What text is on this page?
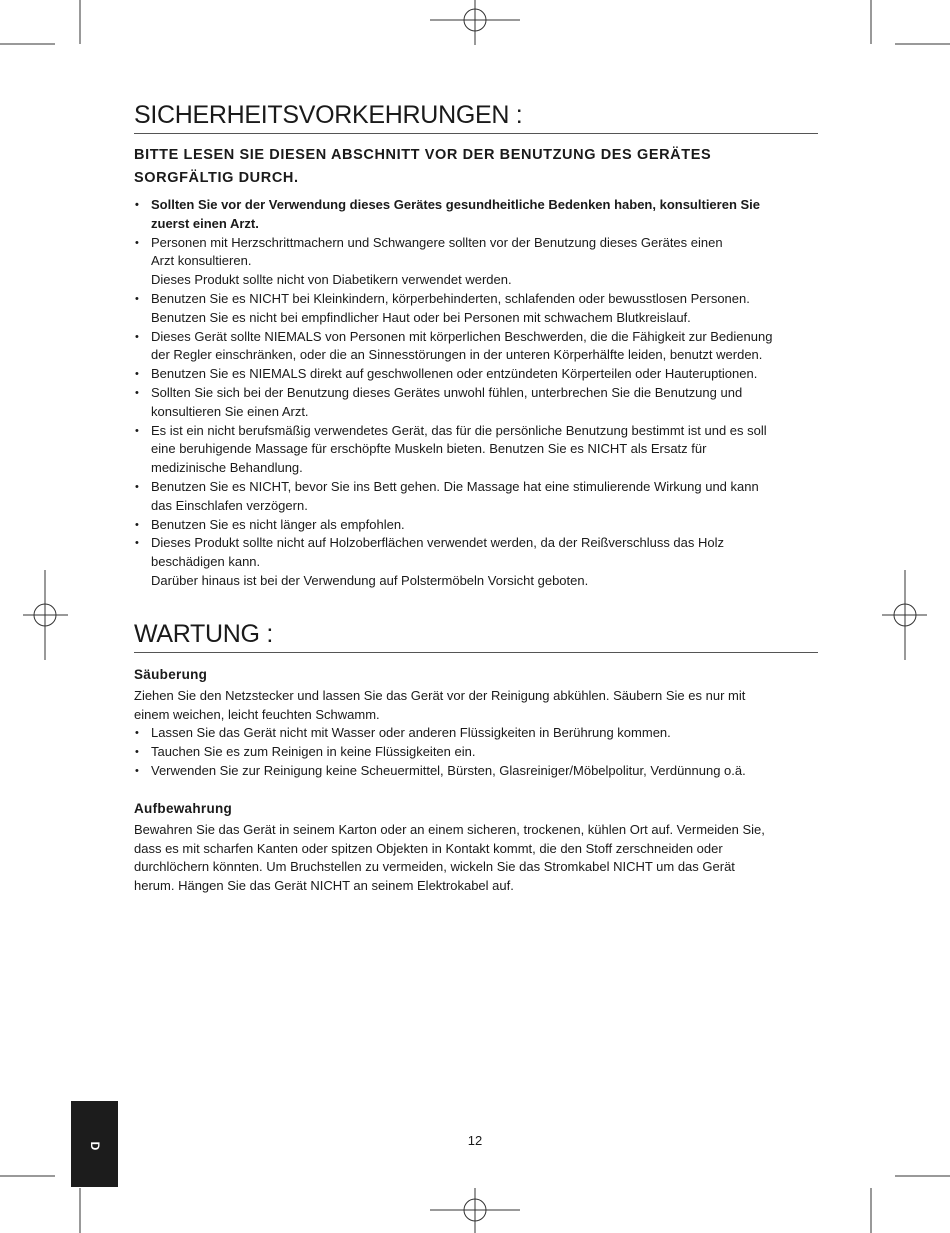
SICHERHEITSVORKEHRUNGEN :
BITTE LESEN SIE DIESEN ABSCHNITT VOR DER BENUTZUNG DES GERÄTES
SORGFÄLTIG DURCH.
• Sollten Sie vor der Verwendung dieses Gerätes gesundheitliche Bedenken haben, konsultieren Sie
zuerst einen Arzt.
• Personen mit Herzschrittmachern und Schwangere sollten vor der Benutzung dieses Gerätes einen
Arzt konsultieren.
Dieses Produkt sollte nicht von Diabetikern verwendet werden.
• Benutzen Sie es NICHT bei Kleinkindern, körperbehinderten, schlafenden oder bewusstlosen Personen.
Benutzen Sie es nicht bei empfindlicher Haut oder bei Personen mit schwachem Blutkreislauf.
• Dieses Gerät sollte NIEMALS von Personen mit körperlichen Beschwerden, die die Fähigkeit zur Bedienung
der Regler einschränken, oder die an Sinnesstörungen in der unteren Körperhälfte leiden, benutzt werden.
• Benutzen Sie es NIEMALS direkt auf geschwollenen oder entzündeten Körperteilen oder Hauteruptionen.
• Sollten Sie sich bei der Benutzung dieses Gerätes unwohl fühlen, unterbrechen Sie die Benutzung und
konsultieren Sie einen Arzt.
• Es ist ein nicht berufsmäßig verwendetes Gerät, das für die persönliche Benutzung bestimmt ist und es soll
eine beruhigende Massage für erschöpfte Muskeln bieten. Benutzen Sie es NICHT als Ersatz für
medizinische Behandlung.
• Benutzen Sie es NICHT, bevor Sie ins Bett gehen. Die Massage hat eine stimulierende Wirkung und kann
das Einschlafen verzögern.
• Benutzen Sie es nicht länger als empfohlen.
• Dieses Produkt sollte nicht auf Holzoberflächen verwendet werden, da der Reißverschluss das Holz
beschädigen kann.
Darüber hinaus ist bei der Verwendung auf Polstermöbeln Vorsicht geboten.
WARTUNG :
Säuberung

Ziehen Sie den Netzstecker und lassen Sie das Gerät vor der Reinigung abkühlen. Säubern Sie es nur mit
einem weichen, leicht feuchten Schwamm.

• Lassen Sie das Gerät nicht mit Wasser oder anderen Flüssigkeiten in Berührung kommen.
• Tauchen Sie es zum Reinigen in keine Flüssigkeiten ein.
• Verwenden Sie zur Reinigung keine Scheuermittel, Bürsten, Glasreiniger/Möbelpolitur, Verdünnung o.ä.
Aufbewahrung

Bewahren Sie das Gerät in seinem Karton oder an einem sicheren, trockenen, kühlen Ort auf. Vermeiden Sie,
dass es mit scharfen Kanten oder spitzen Objekten in Kontakt kommt, die den Stoff zerschneiden oder
durchlöchern könnten. Um Bruchstellen zu vermeiden, wickeln Sie das Stromkabel NICHT um das Gerät
herum. Hängen Sie das Gerät NICHT an seinem Elektrokabel auf.

D	12
